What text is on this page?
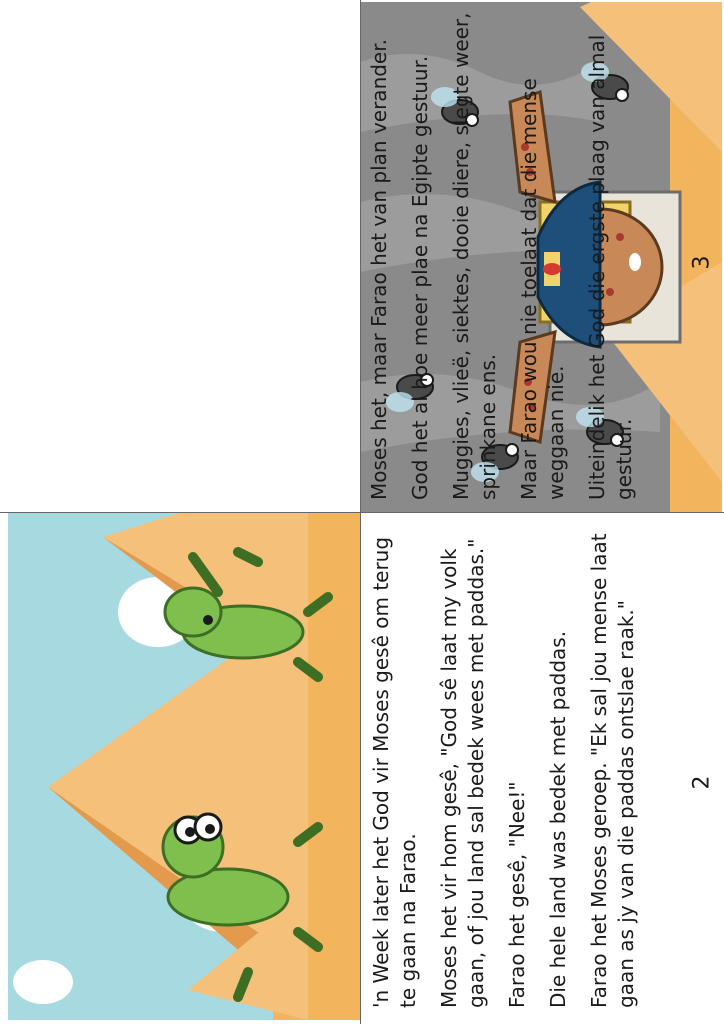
Moses het, maar Farao het van plan verander. God het al hoe meer plae na Egipte gestuur. Muggies, vlieë, siektes, dooie diere, slegte weer, sprinkane ens. Maar Farao wou nie toelaat dat die mense weggaan nie. Uiteindelik het God die ergste plaag van almal gestuur.

'n Week later het God vir Moses gesê om terug te gaan na Farao. Moses het vir hom gesê, "God sê laat my volk gaan, of jou land sal bedek wees met paddas." Farao het gesê, "Nee!" Die hele land was bedek met paddas. Farao het Moses geroep. "Ek sal jou mense laat gaan as jy van die paddas ontslae raak."

3
2
